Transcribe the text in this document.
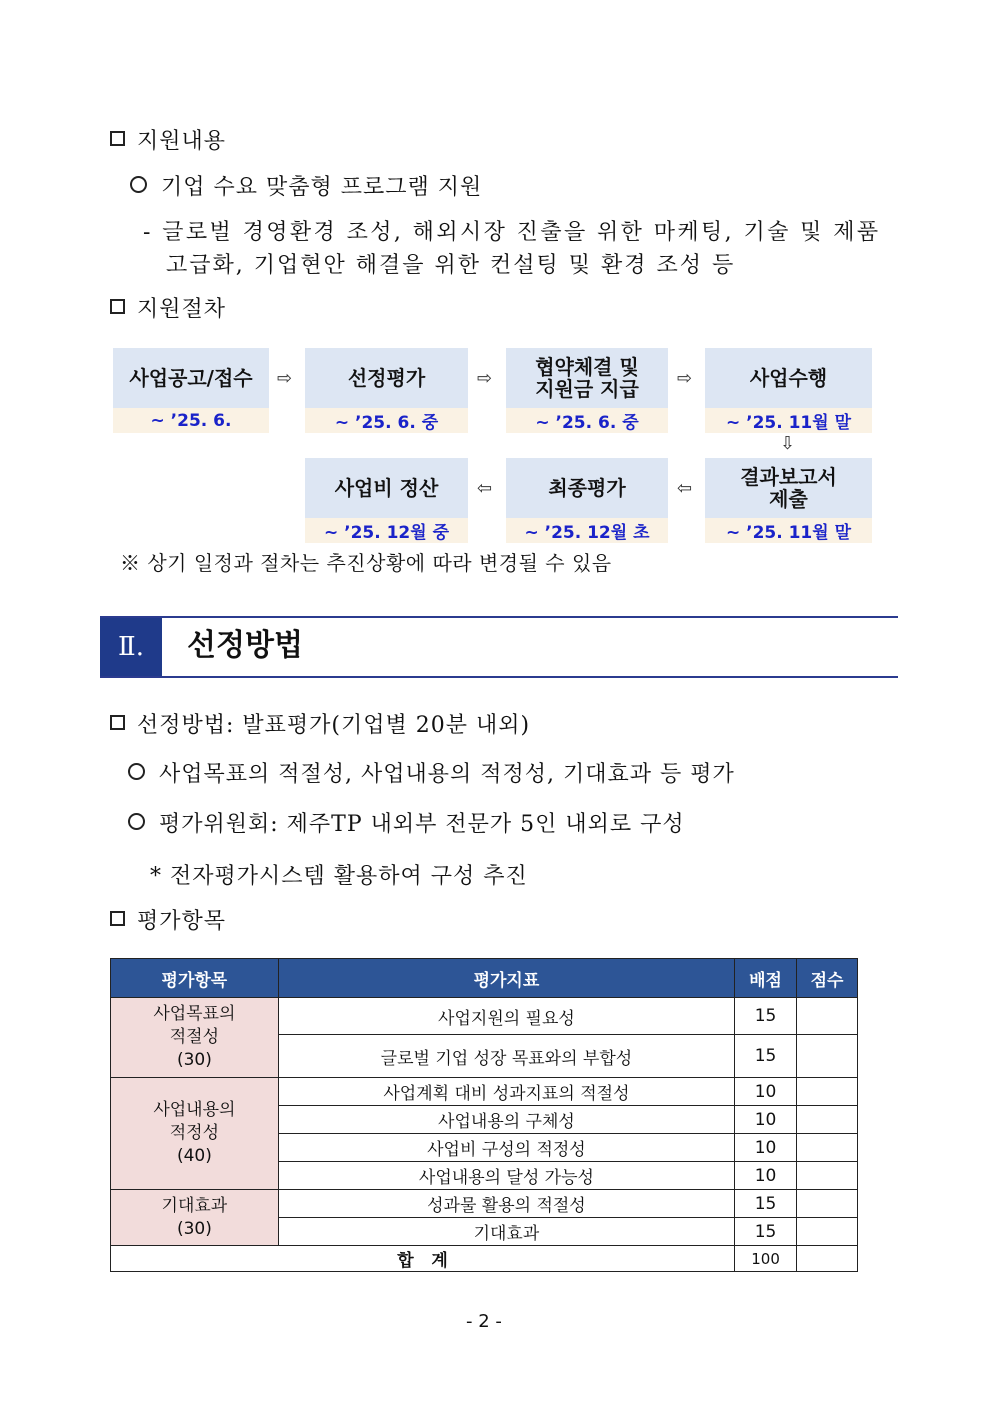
지원내용
기업 수요 맞춤형 프로그램 지원
- 글로벌 경영환경 조성, 해외시장 진출을 위한 마케팅, 기술 및 제품
고급화, 기업현안 해결을 위한 컨설팅 및 환경 조성 등
지원절차
사업공고/접수
~ ’25. 6.
⇨	선정평가
~ ’25. 6. 중
⇨ 협약체결 및
지원금 지급
~ ’25. 6. 중
⇨	사업수행
~ ’25. 11월 말
⇩
사업비 정산
~ ’25. 12월 중
⇦	최종평가
~ ’25. 12월 초
⇦ 결과보고서
제출
~ ’25. 11월 말
※ 상기 일정과 절차는 추진상황에 따라 변경될 수 있음
Ⅱ.	선정방법
선정방법: 발표평가(기업별 20분 내외)
사업목표의 적절성, 사업내용의 적정성, 기대효과 등 평가
평가위원회: 제주TP 내외부 전문가 5인 내외로 구성
* 전자평가시스템 활용하여 구성 추진
평가항목
평가항목	평가지표	배점	점수

사업목표의
적절성
(30)	사업지원의 필요성	15	
	글로벌 기업 성장 목표와의 부합성	15	

사업내용의
적정성
(40)	사업계획 대비 성과지표의 적절성	10	
	사업내용의 구체성	10	
	사업비 구성의 적정성	10	
	사업내용의 달성 가능성	10	

기대효과
(30)	성과물 활용의 적절성	15	
	기대효과	15	
합   계		100	
- 2 -
